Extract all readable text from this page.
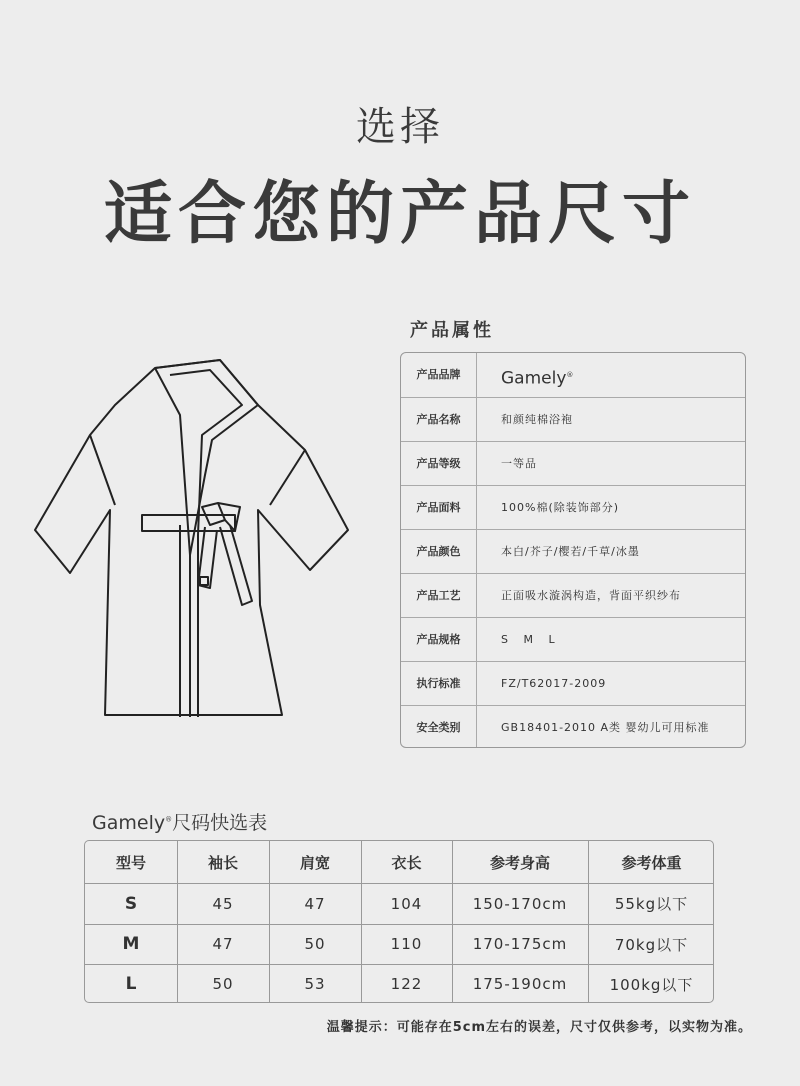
选择
适合您的产品尺寸
产品属性
产品品牌	Gamely®
产品名称	和颜纯棉浴袍
产品等级	一等品
产品面料	100%棉(除装饰部分)
产品颜色	本白/芥子/樱若/千草/冰墨
产品工艺	正面吸水漩涡构造，背面平织纱布
产品规格	S M L
执行标准	FZ/T62017-2009
安全类别	GB18401-2010 A类 婴幼儿可用标准
Gamely®尺码快选表
型号	袖长	肩宽	衣长	参考身高	参考体重
S	45	47	104	150-170cm	55kg以下
M	47	50	110	170-175cm	70kg以下
L	50	53	122	175-190cm	100kg以下
温馨提示：可能存在5cm左右的误差，尺寸仅供参考，以实物为准。
